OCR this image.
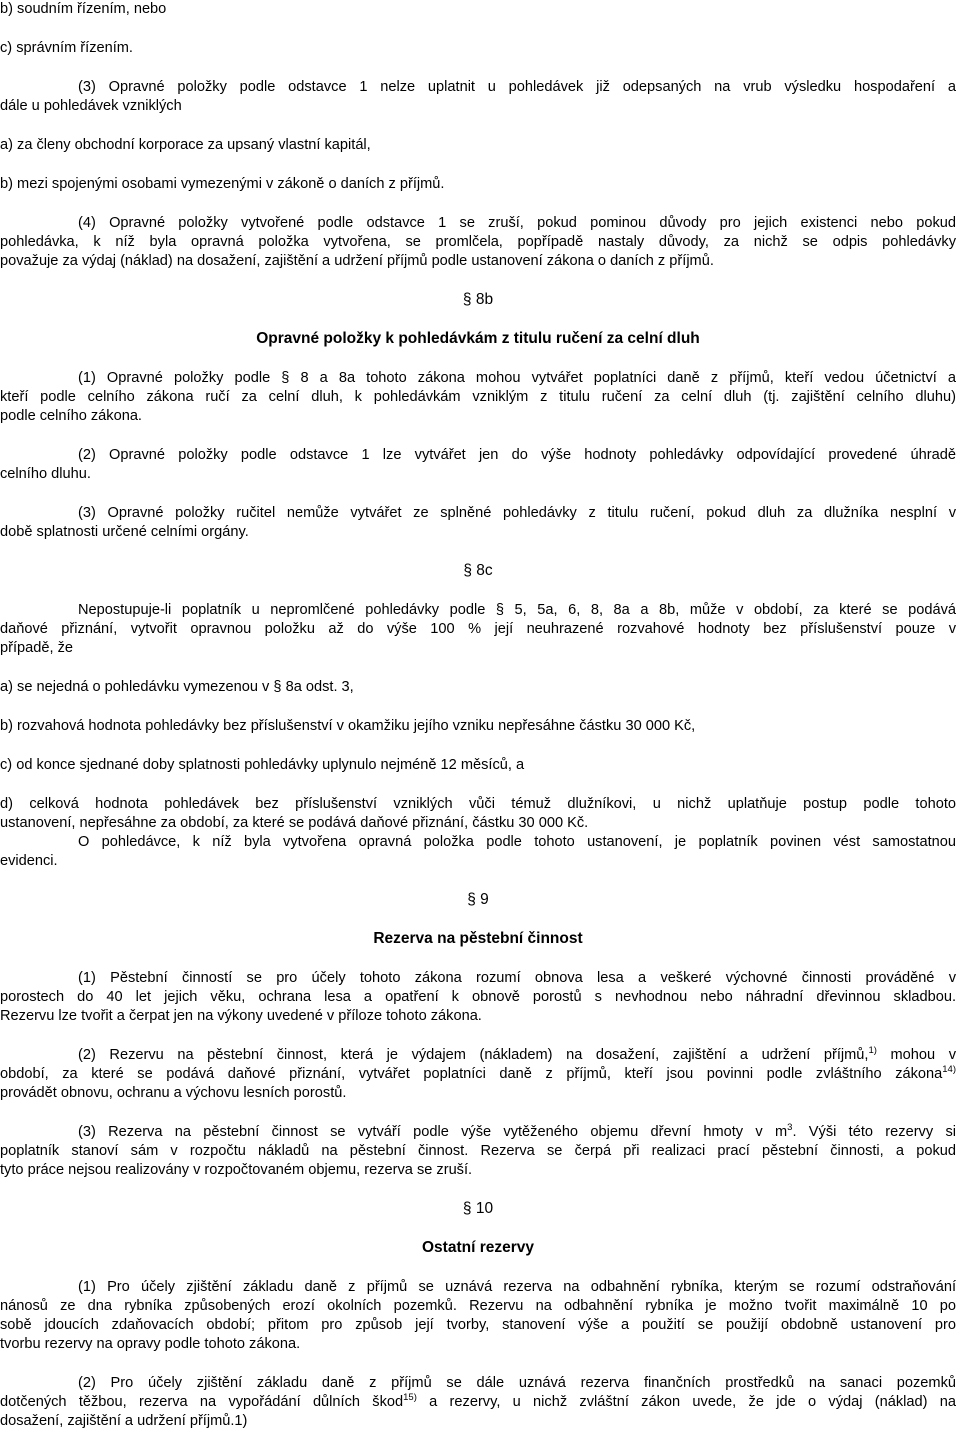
b) soudním řízením, nebo
c) správním řízením.
(3) Opravné položky podle odstavce 1 nelze uplatnit u pohledávek již odepsaných na vrub výsledku hospodaření a
dále u pohledávek vzniklých
a) za členy obchodní korporace za upsaný vlastní kapitál,
b) mezi spojenými osobami vymezenými v zákoně o daních z příjmů.
(4) Opravné položky vytvořené podle odstavce 1 se zruší, pokud pominou důvody pro jejich existenci nebo pokud
pohledávka, k níž byla opravná položka vytvořena, se promlčela, popřípadě nastaly důvody, za nichž se odpis pohledávky
považuje za výdaj (náklad) na dosažení, zajištění a udržení příjmů podle ustanovení zákona o daních z příjmů.
§ 8b
Opravné položky k pohledávkám z titulu ručení za celní dluh
(1) Opravné položky podle § 8 a 8a tohoto zákona mohou vytvářet poplatníci daně z příjmů, kteří vedou účetnictví a
kteří podle celního zákona ručí za celní dluh, k pohledávkám vzniklým z titulu ručení za celní dluh (tj. zajištění celního dluhu)
podle celního zákona.
(2) Opravné položky podle odstavce 1 lze vytvářet jen do výše hodnoty pohledávky odpovídající provedené úhradě
celního dluhu.
(3) Opravné položky ručitel nemůže vytvářet ze splněné pohledávky z titulu ručení, pokud dluh za dlužníka nesplní v
době splatnosti určené celními orgány.
§ 8c
Nepostupuje-li poplatník u nepromlčené pohledávky podle § 5, 5a, 6, 8, 8a a 8b, může v období, za které se podává
daňové přiznání, vytvořit opravnou položku až do výše 100 % její neuhrazené rozvahové hodnoty bez příslušenství pouze v
případě, že
a) se nejedná o pohledávku vymezenou v § 8a odst. 3,
b) rozvahová hodnota pohledávky bez příslušenství v okamžiku jejího vzniku nepřesáhne částku 30 000 Kč,
c) od konce sjednané doby splatnosti pohledávky uplynulo nejméně 12 měsíců, a
d) celková hodnota pohledávek bez příslušenství vzniklých vůči témuž dlužníkovi, u nichž uplatňuje postup podle tohoto
ustanovení, nepřesáhne za období, za které se podává daňové přiznání, částku 30 000 Kč.
O pohledávce, k níž byla vytvořena opravná položka podle tohoto ustanovení, je poplatník povinen vést samostatnou
evidenci.
§ 9
Rezerva na pěstební činnost
(1) Pěstební činností se pro účely tohoto zákona rozumí obnova lesa a veškeré výchovné činnosti prováděné v
porostech do 40 let jejich věku, ochrana lesa a opatření k obnově porostů s nevhodnou nebo náhradní dřevinnou skladbou.
Rezervu lze tvořit a čerpat jen na výkony uvedené v příloze tohoto zákona.
(2) Rezervu na pěstební činnost, která je výdajem (nákladem) na dosažení, zajištění a udržení příjmů,$^{1)}$ mohou v
období, za které se podává daňové přiznání, vytvářet poplatníci daně z příjmů, kteří jsou povinni podle zvláštního zákona$^{14)}$
provádět obnovu, ochranu a výchovu lesních porostů.
(3) Rezerva na pěstební činnost se vytváří podle výše vytěženého objemu dřevní hmoty v $m^3$. Výši této rezervy si
poplatník stanoví sám v rozpočtu nákladů na pěstební činnost. Rezerva se čerpá při realizaci prací pěstební činnosti, a pokud
tyto práce nejsou realizovány v rozpočtovaném objemu, rezerva se zruší.
§ 10
Ostatní rezervy
(1) Pro účely zjištění základu daně z příjmů se uznává rezerva na odbahnění rybníka, kterým se rozumí odstraňování
nánosů ze dna rybníka způsobených erozí okolních pozemků. Rezervu na odbahnění rybníka je možno tvořit maximálně 10 po
sobě jdoucích zdaňovacích období; přitom pro způsob její tvorby, stanovení výše a použití se použijí obdobně ustanovení pro
tvorbu rezervy na opravy podle tohoto zákona.
(2) Pro účely zjištění základu daně z příjmů se dále uznává rezerva finančních prostředků na sanaci pozemků
dotčených těžbou, rezerva na vypořádání důlních škod$^{15)}$ a rezervy, u nichž zvláštní zákon uvede, že jde o výdaj (náklad) na
dosažení, zajištění a udržení příjmů.1)
